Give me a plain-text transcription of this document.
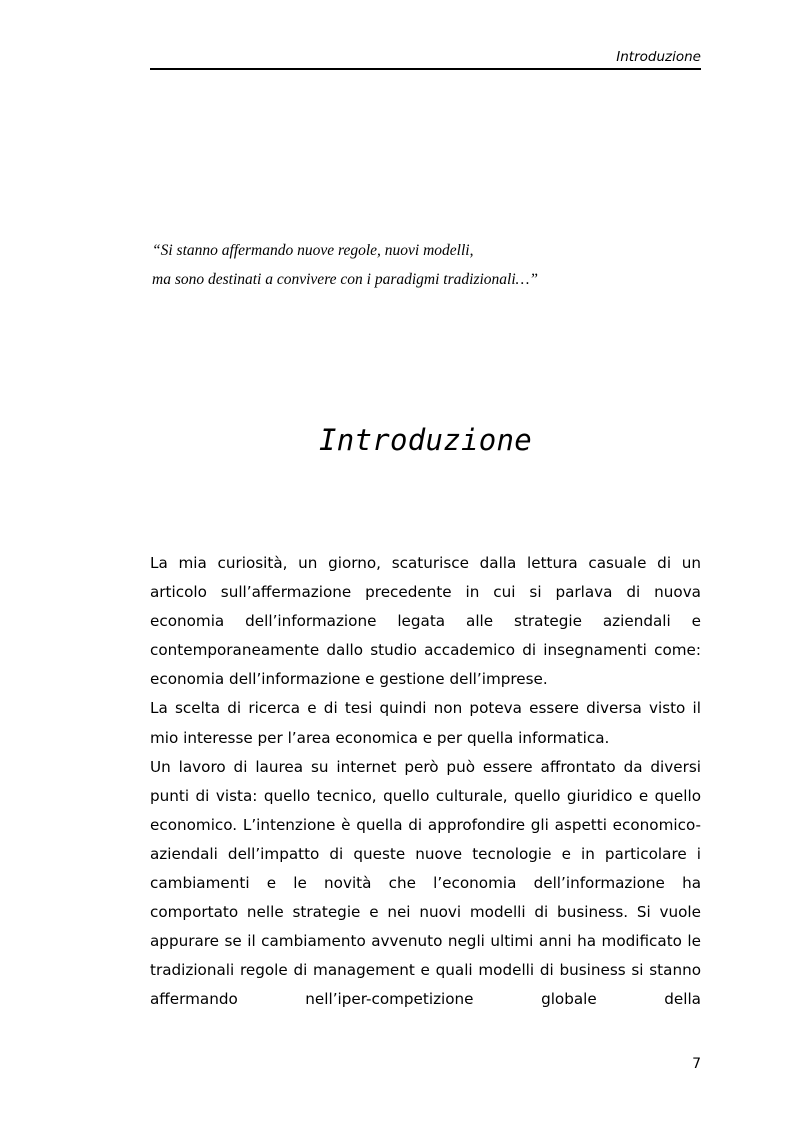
Introduzione
“Si stanno affermando nuove regole, nuovi modelli,
ma sono destinati a convivere con i paradigmi tradizionali…”
Introduzione

La mia curiosità, un giorno, scaturisce dalla lettura casuale di un articolo sull’affermazione precedente in cui si parlava di nuova economia dell’informazione legata alle strategie aziendali e contemporaneamente dallo studio accademico di insegnamenti come: economia dell’informazione e gestione dell’imprese.

La scelta di ricerca e di tesi quindi non poteva essere diversa visto il mio interesse per l’area economica e per quella informatica.

Un lavoro di laurea su internet però può essere affrontato da diversi punti di vista: quello tecnico, quello culturale, quello giuridico e quello economico. L’intenzione è quella di approfondire gli aspetti economico-aziendali dell’impatto di queste nuove tecnologie e in particolare i cambiamenti e le novità che l’economia dell’informazione ha comportato nelle strategie e nei nuovi modelli di business. Si vuole appurare se il cambiamento avvenuto negli ultimi anni ha modificato le tradizionali regole di management e quali modelli di business si stanno affermando nell’iper-competizione globale della

7
